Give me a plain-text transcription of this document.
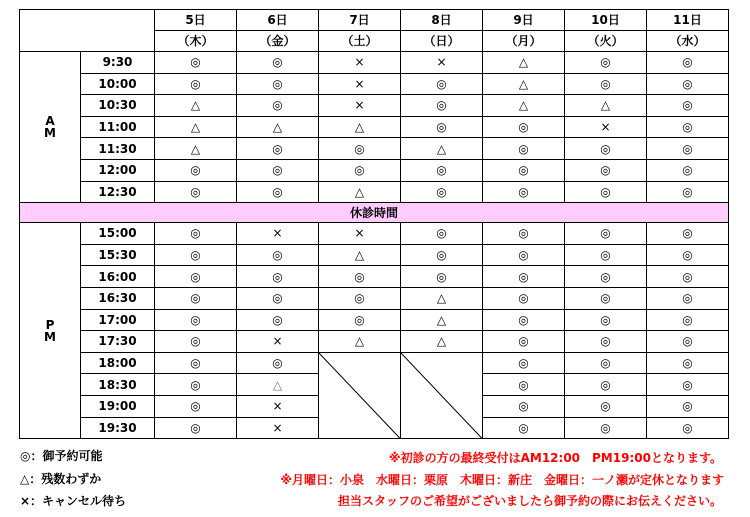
		5日	6日	7日	8日	9日	10日	11日
		（木）	（金）	（土）	（日）	（月）	（火）	（水）

A
M	9:30	◎	◎	×	×	△	◎	◎
	10:00	◎	◎	×	◎	△	◎	◎
	10:30	△	◎	×	◎	△	△	◎
	11:00	△	△	△	◎	◎	×	◎
	11:30	△	◎	◎	△	◎	◎	◎
	12:00	◎	◎	◎	◎	◎	◎	◎
	12:30	◎	◎	△	◎	◎	◎	◎
休診時間								

P
M	15:00	◎	×	×	◎	◎	◎	◎
	15:30	◎	◎	△	◎	◎	◎	◎
	16:00	◎	◎	◎	◎	◎	◎	◎
	16:30	◎	◎	◎	△	◎	◎	◎
	17:00	◎	◎	◎	△	◎	◎	◎
	17:30	◎	×	△	△	◎	◎	◎
	18:00	◎	◎			◎	◎	◎
	18:30	◎	△			◎	◎	◎
	19:00	◎	×			◎	◎	◎
	19:30	◎	×			◎	◎	◎
◎：御予約可能
△：残数わずか
×：キャンセル待ち
※初診の方の最終受付はAM12:00　PM19:00となります。
※月曜日：小泉　水曜日：栗原　木曜日：新庄　金曜日：一ノ瀬が定休となります
担当スタッフのご希望がございましたら御予約の際にお伝えください。
